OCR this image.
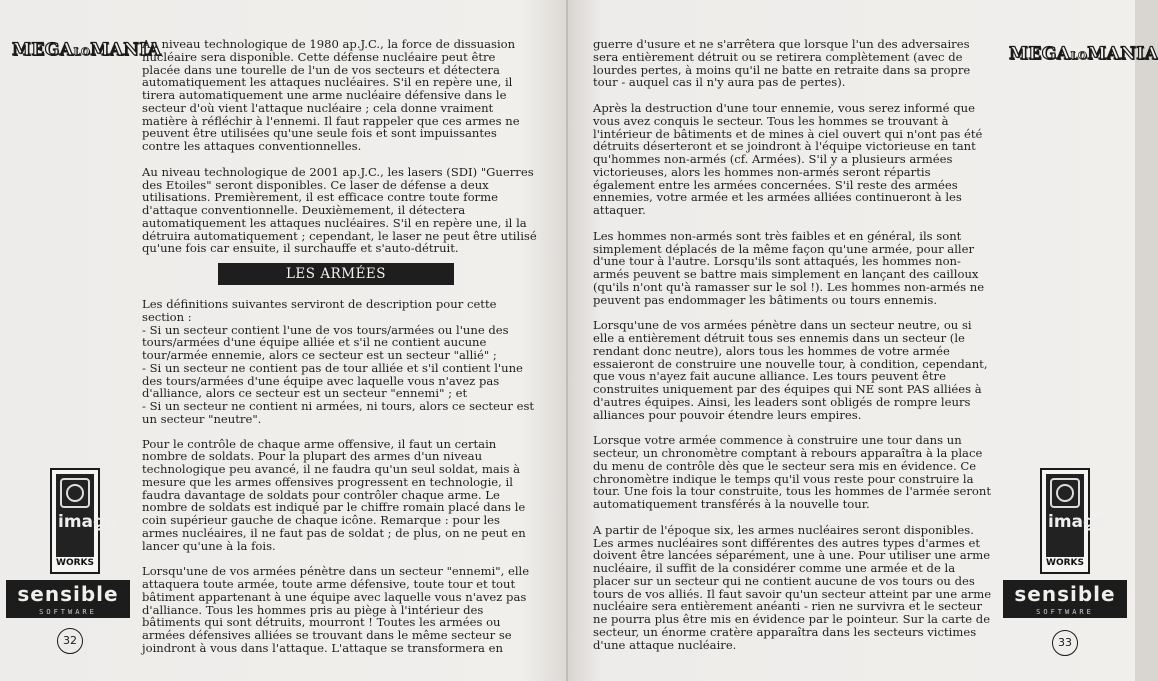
MEGALOMANIA

Au niveau technologique de 1980 ap.J.C., la force de dissuasion nucléaire sera disponible. Cette défense nucléaire peut être placée dans une tourelle de l'un de vos secteurs et détectera automatiquement les attaques nucléaires. S'il en repère une, il tirera automatiquement une arme nucléaire défensive dans le secteur d'où vient l'attaque nucléaire ; cela donne vraiment matière à réfléchir à l'ennemi. Il faut rappeler que ces armes ne peuvent être utilisées qu'une seule fois et sont impuissantes contre les attaques conventionnelles.

Au niveau technologique de 2001 ap.J.C., les lasers (SDI) "Guerres des Etoiles" seront disponibles. Ce laser de défense a deux utilisations. Premièrement, il est efficace contre toute forme d'attaque conventionnelle. Deuxièmement, il détectera automatiquement les attaques nucléaires. S'il en repère une, il la détruira automatiquement ; cependant, le laser ne peut être utilisé qu'une fois car ensuite, il surchauffe et s'auto-détruit.

LES ARMÉES

Les définitions suivantes serviront de description pour cette section :
- Si un secteur contient l'une de vos tours/armées ou l'une des tours/armées d'une équipe alliée et s'il ne contient aucune tour/armée ennemie, alors ce secteur est un secteur "allié" ;
- Si un secteur ne contient pas de tour alliée et s'il contient l'une des tours/armées d'une équipe avec laquelle vous n'avez pas d'alliance, alors ce secteur est un secteur "ennemi" ; et
- Si un secteur ne contient ni armées, ni tours, alors ce secteur est un secteur "neutre".

Pour le contrôle de chaque arme offensive, il faut un certain nombre de soldats. Pour la plupart des armes d'un niveau technologique peu avancé, il ne faudra qu'un seul soldat, mais à mesure que les armes offensives progressent en technologie, il faudra davantage de soldats pour contrôler chaque arme. Le nombre de soldats est indiqué par le chiffre romain placé dans le coin supérieur gauche de chaque icône. Remarque : pour les armes nucléaires, il ne faut pas de soldat ; de plus, on ne peut en lancer qu'une à la fois.

Lorsqu'une de vos armées pénètre dans un secteur "ennemi", elle attaquera toute armée, toute arme défensive, toute tour et tout bâtiment appartenant à une équipe avec laquelle vous n'avez pas d'alliance. Tous les hommes pris au piège à l'intérieur des bâtiments qui sont détruits, mourront ! Toutes les armées ou armées défensives alliées se trouvant dans le même secteur se joindront à vous dans l'attaque. L'attaque se transformera en

image
WORKS
sensible
SOFTWARE
32
MEGALOMANIA

guerre d'usure et ne s'arrêtera que lorsque l'un des adversaires sera entièrement détruit ou se retirera complètement (avec de lourdes pertes, à moins qu'il ne batte en retraite dans sa propre tour - auquel cas il n'y aura pas de pertes).

Après la destruction d'une tour ennemie, vous serez informé que vous avez conquis le secteur. Tous les hommes se trouvant à l'intérieur de bâtiments et de mines à ciel ouvert qui n'ont pas été détruits déserteront et se joindront à l'équipe victorieuse en tant qu'hommes non-armés (cf. Armées). S'il y a plusieurs armées victorieuses, alors les hommes non-armés seront répartis également entre les armées concernées. S'il reste des armées ennemies, votre armée et les armées alliées continueront à les attaquer.

Les hommes non-armés sont très faibles et en général, ils sont simplement déplacés de la même façon qu'une armée, pour aller d'une tour à l'autre. Lorsqu'ils sont attaqués, les hommes non-armés peuvent se battre mais simplement en lançant des cailloux (qu'ils n'ont qu'à ramasser sur le sol !). Les hommes non-armés ne peuvent pas endommager les bâtiments ou tours ennemis.

Lorsqu'une de vos armées pénètre dans un secteur neutre, ou si elle a entièrement détruit tous ses ennemis dans un secteur (le rendant donc neutre), alors tous les hommes de votre armée essaieront de construire une nouvelle tour, à condition, cependant, que vous n'ayez fait aucune alliance. Les tours peuvent être construites uniquement par des équipes qui NE sont PAS alliées à d'autres équipes. Ainsi, les leaders sont obligés de rompre leurs alliances pour pouvoir étendre leurs empires.

Lorsque votre armée commence à construire une tour dans un secteur, un chronomètre comptant à rebours apparaîtra à la place du menu de contrôle dès que le secteur sera mis en évidence. Ce chronomètre indique le temps qu'il vous reste pour construire la tour. Une fois la tour construite, tous les hommes de l'armée seront automatiquement transférés à la nouvelle tour.

A partir de l'époque six, les armes nucléaires seront disponibles. Les armes nucléaires sont différentes des autres types d'armes et doivent être lancées séparément, une à une. Pour utiliser une arme nucléaire, il suffit de la considérer comme une armée et de la placer sur un secteur qui ne contient aucune de vos tours ou des tours de vos alliés. Il faut savoir qu'un secteur atteint par une arme nucléaire sera entièrement anéanti - rien ne survivra et le secteur ne pourra plus être mis en évidence par le pointeur. Sur la carte de secteur, un énorme cratère apparaîtra dans les secteurs victimes d'une attaque nucléaire.

image
WORKS
sensible
SOFTWARE
33
